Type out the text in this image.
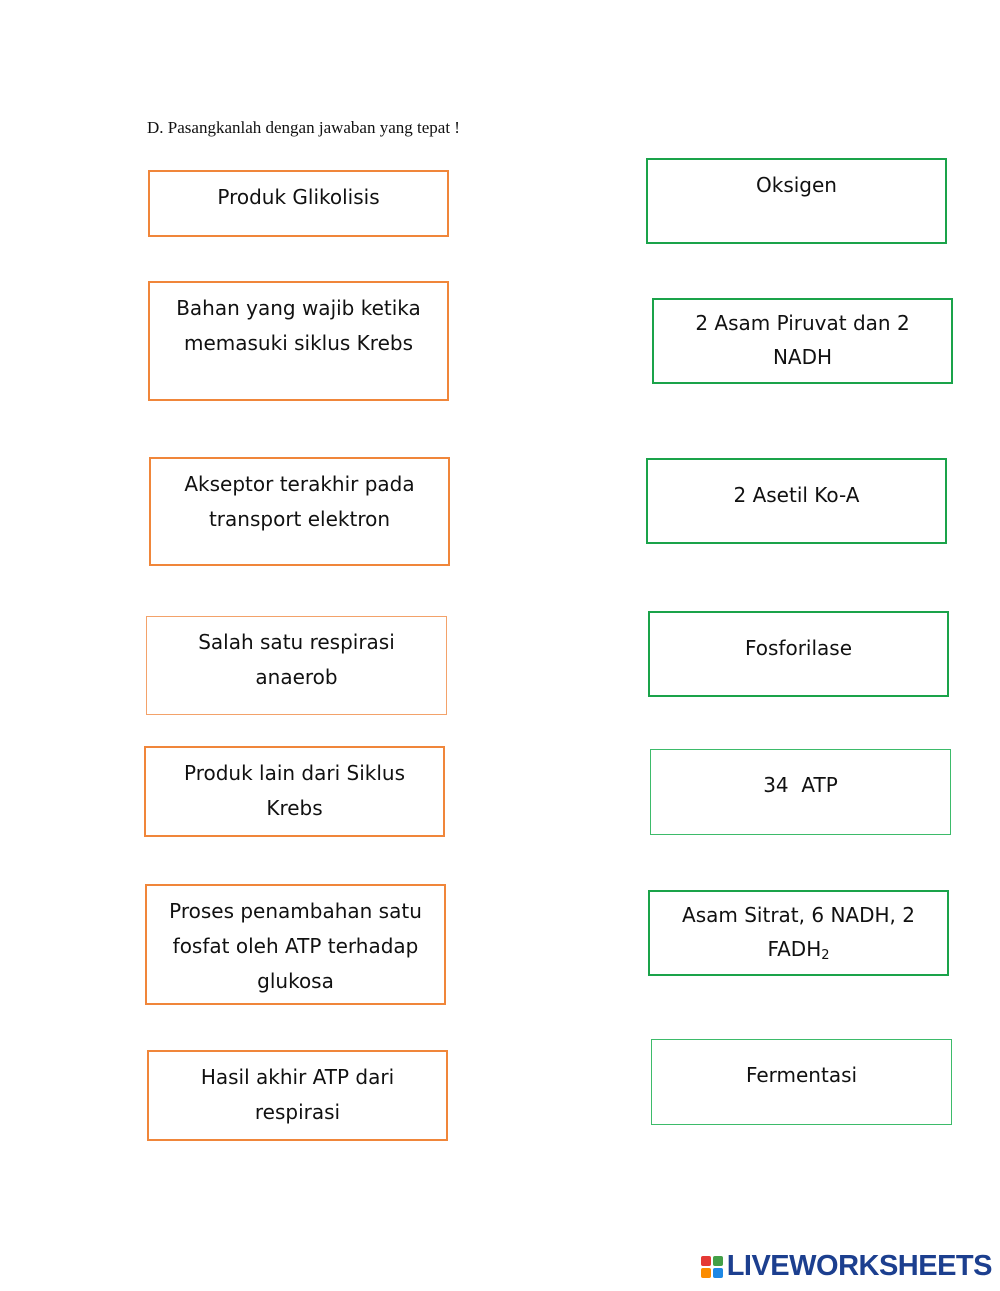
D. Pasangkanlah dengan jawaban yang tepat !
Produk Glikolisis
Bahan yang wajib ketika memasuki siklus Krebs
Akseptor terakhir pada transport elektron
Salah satu respirasi anaerob
Produk lain dari Siklus Krebs
Proses penambahan satu fosfat oleh ATP terhadap glukosa
Hasil akhir ATP dari respirasi
Oksigen
2 Asam Piruvat dan 2 NADH
2 Asetil Ko-A
Fosforilase
34  ATP
Asam Sitrat, 6 NADH, 2 $FADH_2$
Fermentasi
LIVEWORKSHEETS
